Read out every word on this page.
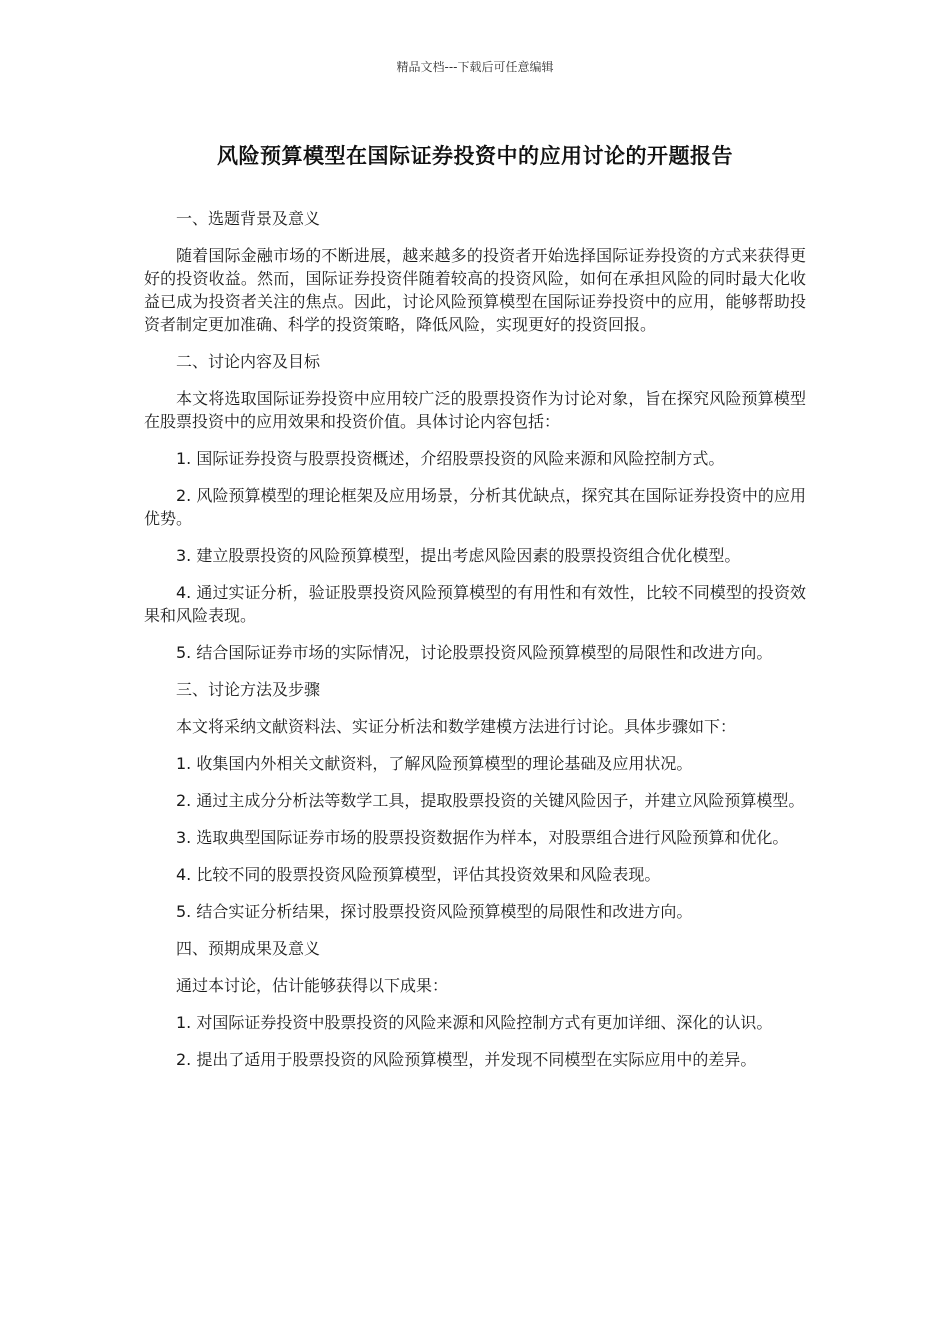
精品文档---下载后可任意编辑
风险预算模型在国际证券投资中的应用讨论的开题报告

一、选题背景及意义

随着国际金融市场的不断进展，越来越多的投资者开始选择国际证券投资的方式来获得更好的投资收益。然而，国际证券投资伴随着较高的投资风险，如何在承担风险的同时最大化收益已成为投资者关注的焦点。因此，讨论风险预算模型在国际证券投资中的应用，能够帮助投资者制定更加准确、科学的投资策略，降低风险，实现更好的投资回报。

二、讨论内容及目标

本文将选取国际证券投资中应用较广泛的股票投资作为讨论对象，旨在探究风险预算模型在股票投资中的应用效果和投资价值。具体讨论内容包括：

1. 国际证券投资与股票投资概述，介绍股票投资的风险来源和风险控制方式。

2. 风险预算模型的理论框架及应用场景，分析其优缺点，探究其在国际证券投资中的应用优势。

3. 建立股票投资的风险预算模型，提出考虑风险因素的股票投资组合优化模型。

4. 通过实证分析，验证股票投资风险预算模型的有用性和有效性，比较不同模型的投资效果和风险表现。

5. 结合国际证券市场的实际情况，讨论股票投资风险预算模型的局限性和改进方向。

三、讨论方法及步骤

本文将采纳文献资料法、实证分析法和数学建模方法进行讨论。具体步骤如下：

1. 收集国内外相关文献资料，了解风险预算模型的理论基础及应用状况。

2. 通过主成分分析法等数学工具，提取股票投资的关键风险因子，并建立风险预算模型。

3. 选取典型国际证券市场的股票投资数据作为样本，对股票组合进行风险预算和优化。

4. 比较不同的股票投资风险预算模型，评估其投资效果和风险表现。

5. 结合实证分析结果，探讨股票投资风险预算模型的局限性和改进方向。

四、预期成果及意义

通过本讨论，估计能够获得以下成果：

1. 对国际证券投资中股票投资的风险来源和风险控制方式有更加详细、深化的认识。

2. 提出了适用于股票投资的风险预算模型，并发现不同模型在实际应用中的差异。
